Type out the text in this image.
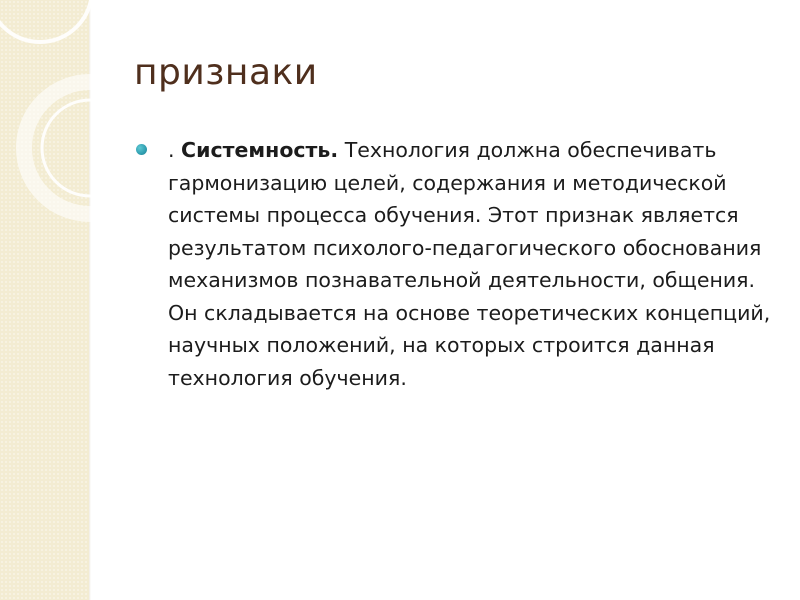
признаки
. Системность. Технология должна обеспечивать гармонизацию целей, содержания и методической системы процесса обучения. Этот признак является результатом психолого-педагогического обоснования механизмов познавательной деятельности, общения. Он складывается на основе теоретических концепций, научных положений, на которых строится данная технология обучения.
